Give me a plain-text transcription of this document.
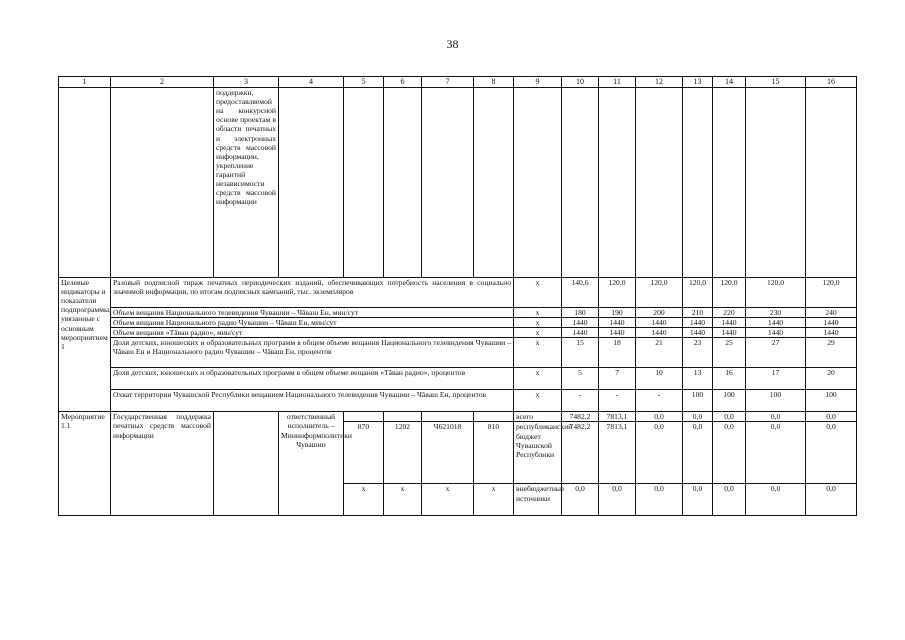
38
1	2	3	4	5	6	7	8	9	10	11	12	13	14	15	16
		поддержки, предоставляемой на конкурсной основе проектам в области печатных и электронных средств массовой информации, укрепление гарантий независимости средств массовой информации													
Целевые индикаторы и показатели подпрограммы, увязанные с основным мероприятием 1	Разовый подписной тираж печатных периодических изданий, обеспечивающих потребность населения в социально значимой информации, по итогам подписных кампаний, тыс. экземпляров							x	140,6	120,0	120,0	120,0	120,0	120,0	120,0
	Объем вещания Национального телевидения Чувашии – Чăваш Ен, мин/сут							x	180	190	200	210	220	230	240
	Объем вещания Национального радио Чувашии – Чăваш Ен, мин/сут							x	1440	1440	1440	1440	1440	1440	1440
	Объем вещания «Тăван радио», мин/сут							x	1440	1440	1440	1440	1440	1440	1440
	Доля детских, юношеских и образовательных программ в общем объеме вещания Национального телевидения Чувашии – Чăваш Ен и Национального радио Чувашии – Чăваш Ен, процентов							x	15	18	21	23	25	27	29
	Доля детских, юношеских и образовательных программ в общем объеме вещания «Тăван радио», процентов							x	5	7	10	13	16	17	20
	Охват территории Чувашской Республики вещанием Национального телевидения Чувашии – Чăваш Ен, процентов							x	-	-	-	100	100	100	100
Мероприятие 1.1	Государственная поддержка печатных средств массовой информации		ответственный исполнитель – Мининформполитики Чувашии					всего	7482,2	7813,1	0,0	0,0	0,0	0,0	0,0
				870	1202	Ч621018	810	республиканский бюджет Чувашской Республики	7482,2	7813,1	0,0	0,0	0,0	0,0	0,0
				x	x	x	x	внебюджетные источники	0,0	0,0	0,0	0,0	0,0	0,0	0,0
